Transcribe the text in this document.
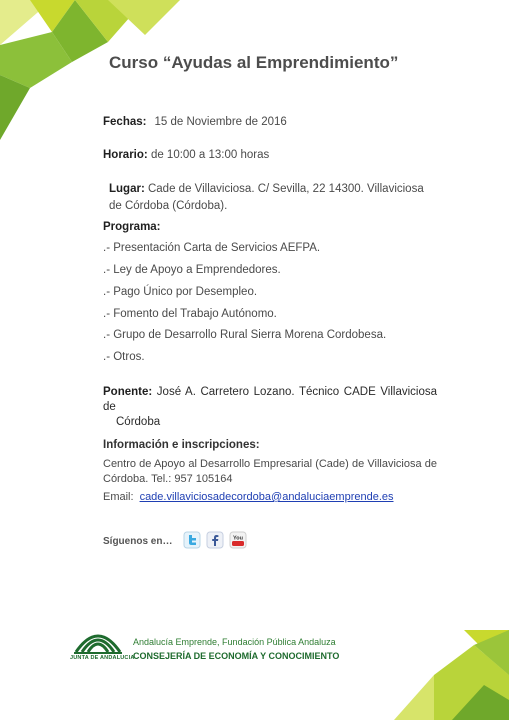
Curso “Ayudas al Emprendimiento”
Fechas: 15 de Noviembre de 2016
Horario: de 10:00 a 13:00 horas
Lugar: Cade de Villaviciosa. C/ Sevilla, 22 14300. Villaviciosa de Córdoba (Córdoba).
Programa:
.- Presentación Carta de Servicios AEFPA.
.- Ley de Apoyo a Emprendedores.
.- Pago Único por Desempleo.
.- Fomento del Trabajo Autónomo.
.- Grupo de Desarrollo Rural Sierra Morena Cordobesa.
.- Otros.
Ponente: José A. Carretero Lozano. Técnico CADE Villaviciosa de
Córdoba
Información e inscripciones:
Centro de Apoyo al Desarrollo Empresarial (Cade) de Villaviciosa de Córdoba. Tel.: 957 105164
Email: cade.villaviciosadecordoba@andaluciaemprende.es
Síguenos en…	You
JUNTA DE ANDALUCIA
Andalucía Emprende, Fundación Pública Andaluza
CONSEJERÍA DE ECONOMÍA Y CONOCIMIENTO
